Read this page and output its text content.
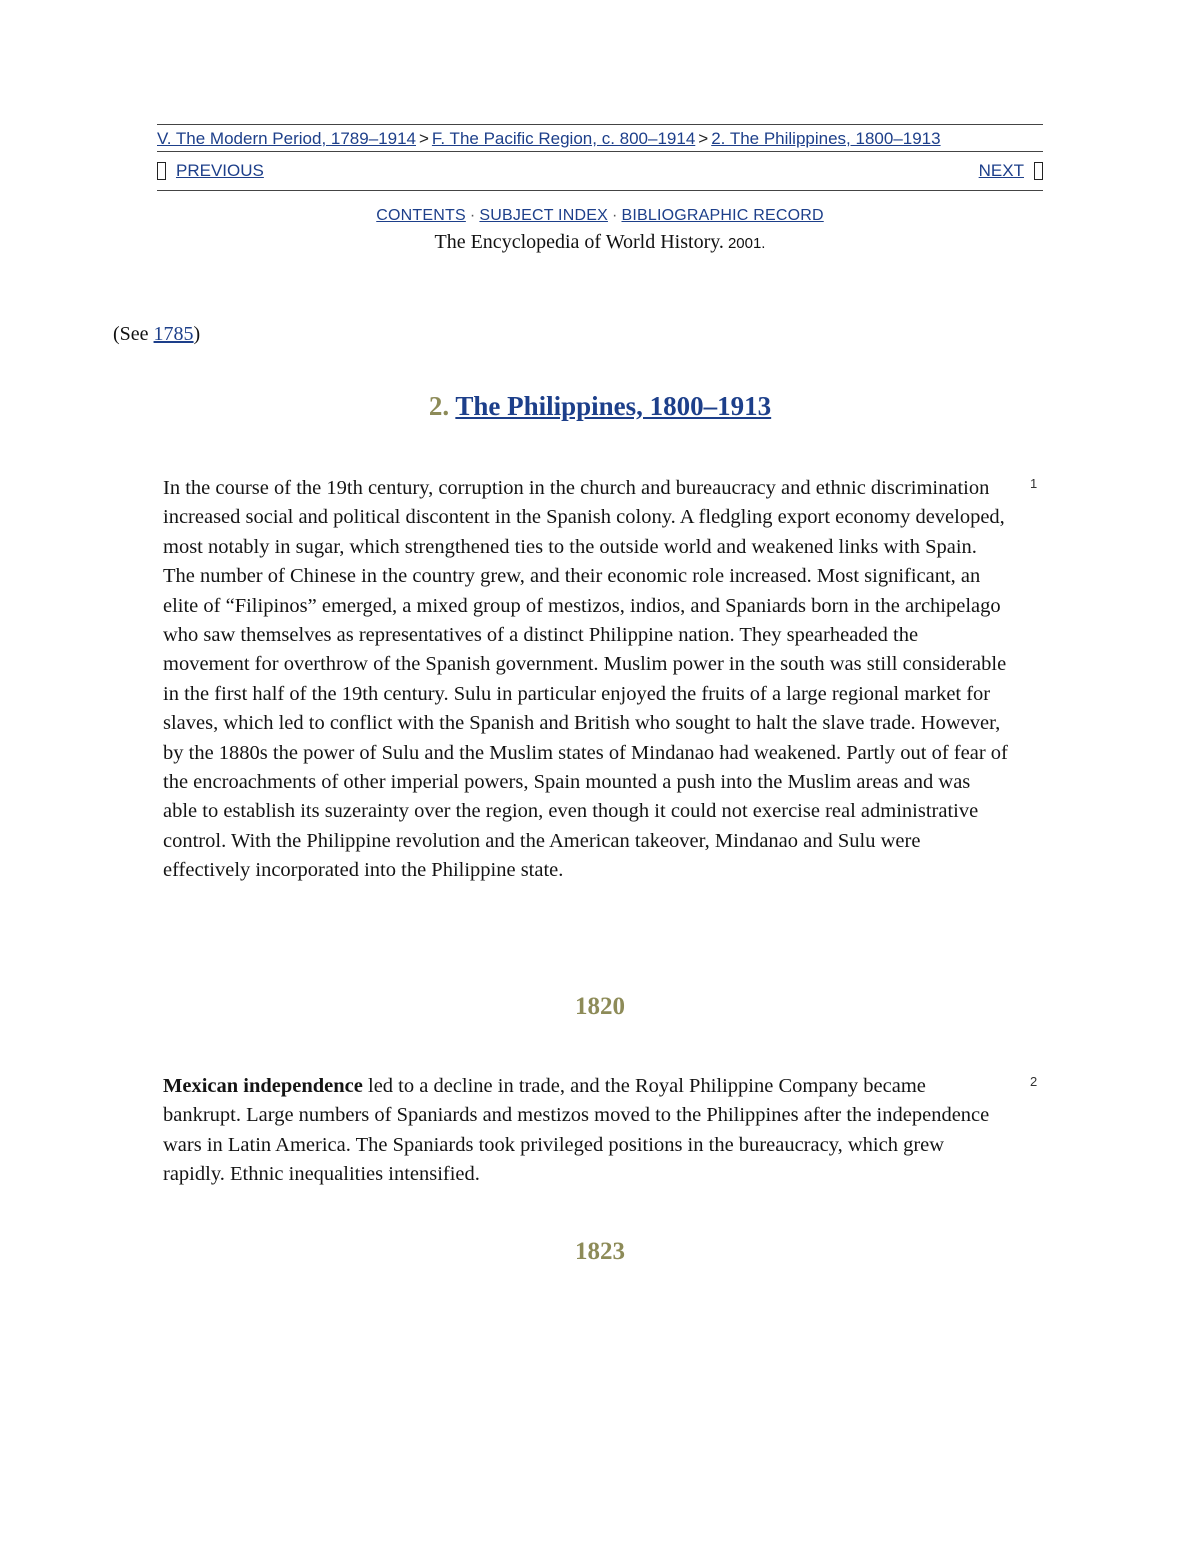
V. The Modern Period, 1789–1914 > F. The Pacific Region, c. 800–1914 > 2. The Philippines, 1800–1913
PREVIOUS	NEXT
CONTENTS · SUBJECT INDEX · BIBLIOGRAPHIC RECORD
The Encyclopedia of World History. 2001.
(See 1785)
2. The Philippines, 1800–1913
In the course of the 19th century, corruption in the church and bureaucracy and ethnic discrimination increased social and political discontent in the Spanish colony. A fledgling export economy developed, most notably in sugar, which strengthened ties to the outside world and weakened links with Spain. The number of Chinese in the country grew, and their economic role increased. Most significant, an elite of “Filipinos” emerged, a mixed group of mestizos, indios, and Spaniards born in the archipelago who saw themselves as representatives of a distinct Philippine nation. They spearheaded the movement for overthrow of the Spanish government. Muslim power in the south was still considerable in the first half of the 19th century. Sulu in particular enjoyed the fruits of a large regional market for slaves, which led to conflict with the Spanish and British who sought to halt the slave trade. However, by the 1880s the power of Sulu and the Muslim states of Mindanao had weakened. Partly out of fear of the encroachments of other imperial powers, Spain mounted a push into the Muslim areas and was able to establish its suzerainty over the region, even though it could not exercise real administrative control. With the Philippine revolution and the American takeover, Mindanao and Sulu were effectively incorporated into the Philippine state.
1
1820
Mexican independence led to a decline in trade, and the Royal Philippine Company became bankrupt. Large numbers of Spaniards and mestizos moved to the Philippines after the independence wars in Latin America. The Spaniards took privileged positions in the bureaucracy, which grew rapidly. Ethnic inequalities intensified.
2
1823
